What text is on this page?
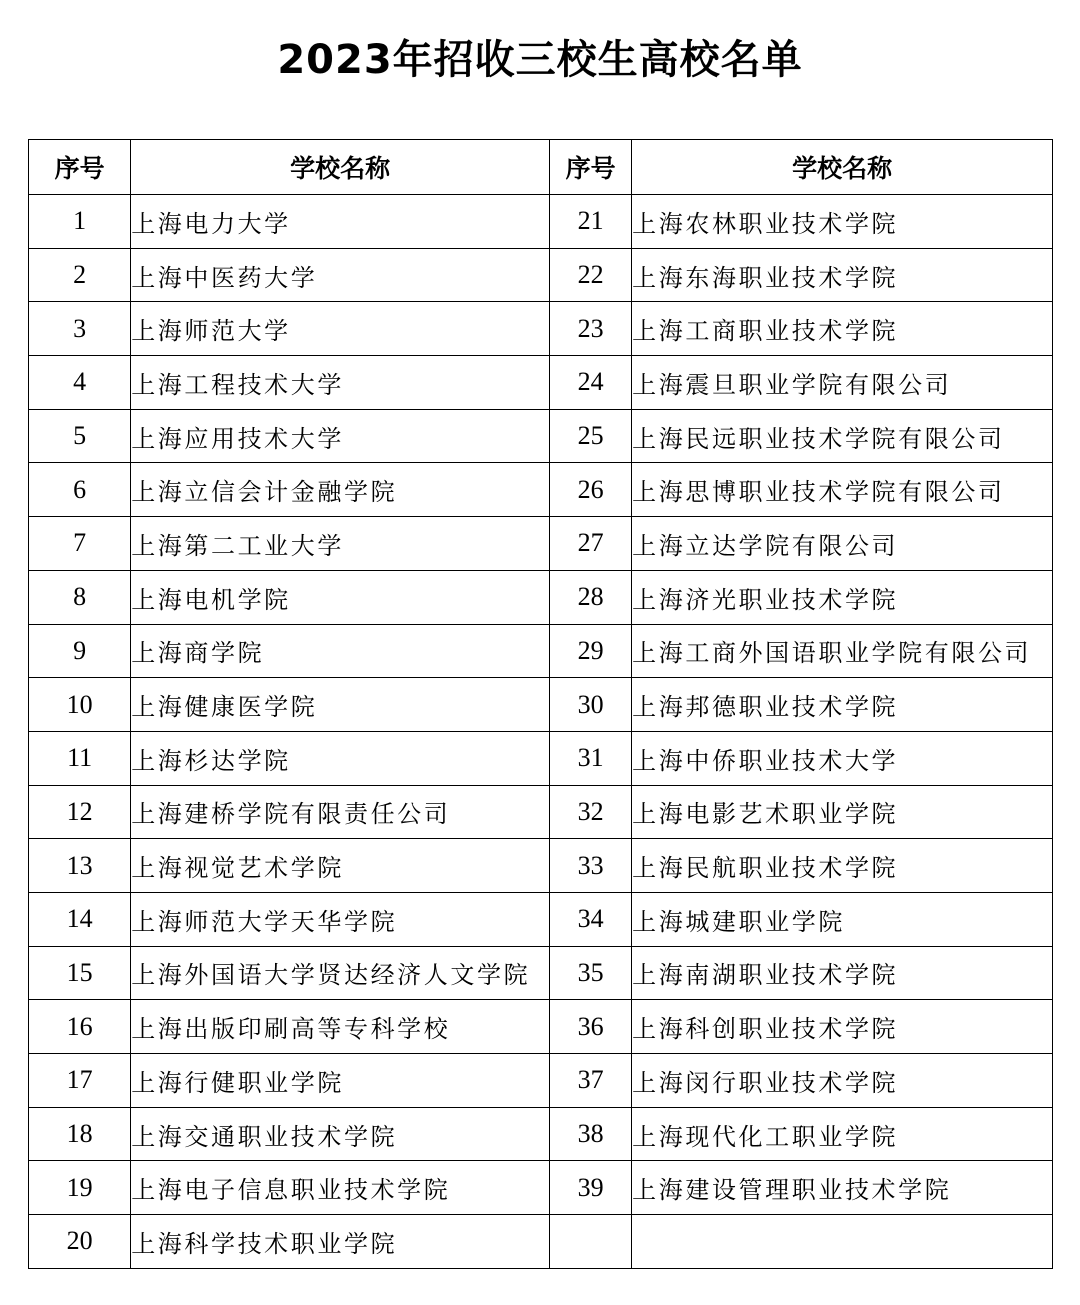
2023年招收三校生高校名单
序号	学校名称	序号	学校名称
1	上海电力大学	21	上海农林职业技术学院
2	上海中医药大学	22	上海东海职业技术学院
3	上海师范大学	23	上海工商职业技术学院
4	上海工程技术大学	24	上海震旦职业学院有限公司
5	上海应用技术大学	25	上海民远职业技术学院有限公司
6	上海立信会计金融学院	26	上海思博职业技术学院有限公司
7	上海第二工业大学	27	上海立达学院有限公司
8	上海电机学院	28	上海济光职业技术学院
9	上海商学院	29	上海工商外国语职业学院有限公司
10	上海健康医学院	30	上海邦德职业技术学院
11	上海杉达学院	31	上海中侨职业技术大学
12	上海建桥学院有限责任公司	32	上海电影艺术职业学院
13	上海视觉艺术学院	33	上海民航职业技术学院
14	上海师范大学天华学院	34	上海城建职业学院
15	上海外国语大学贤达经济人文学院	35	上海南湖职业技术学院
16	上海出版印刷高等专科学校	36	上海科创职业技术学院
17	上海行健职业学院	37	上海闵行职业技术学院
18	上海交通职业技术学院	38	上海现代化工职业学院
19	上海电子信息职业技术学院	39	上海建设管理职业技术学院
20	上海科学技术职业学院		
